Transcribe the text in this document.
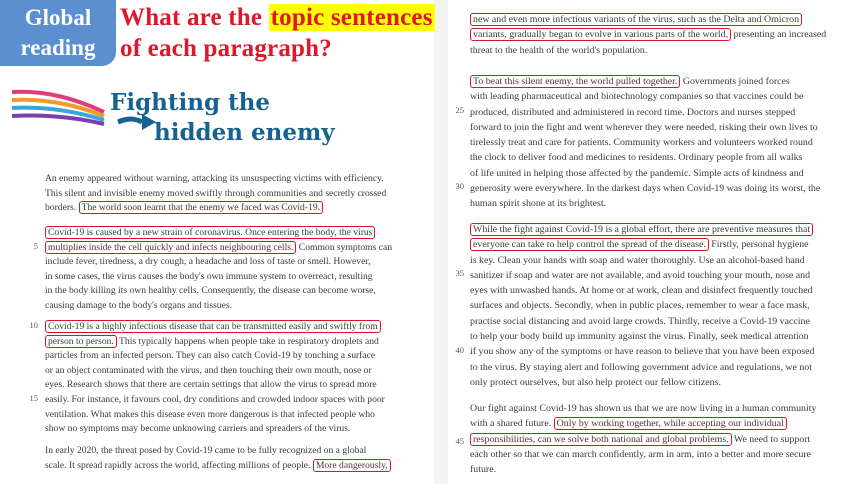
Global
reading
What are the topic sentences of each paragraph?
Fighting the
hidden enemy
An enemy appeared without warning, attacking its unsuspecting victims with efficiency.
This silent and invisible enemy moved swiftly through communities and secretly crossed
borders. The world soon learnt that the enemy we faced was Covid-19.
Covid-19 is caused by a new strain of coronavirus. Once entering the body, the virus
multiplies inside the cell quickly and infects neighbouring cells. Common symptoms can
include fever, tiredness, a dry cough, a headache and loss of taste or smell. However,
in some cases, the virus causes the body's own immune system to overreact, resulting
in the body killing its own healthy cells. Consequently, the disease can become worse,
causing damage to the body's organs and tissues.
Covid-19 is a highly infectious disease that can be transmitted easily and swiftly from
person to person. This typically happens when people take in respiratory droplets and
particles from an infected person. They can also catch Covid-19 by touching a surface
or an object contaminated with the virus, and then touching their own mouth, nose or
eyes. Research shows that there are certain settings that allow the virus to spread more
easily. For instance, it favours cool, dry conditions and crowded indoor spaces with poor
ventilation. What makes this disease even more dangerous is that infected people who
show no symptoms may become unknowing carriers and spreaders of the virus.
In early 2020, the threat posed by Covid-19 came to be fully recognized on a global
scale. It spread rapidly across the world, affecting millions of people. More dangerously,
5
10
15
new and even more infectious variants of the virus, such as the Delta and Omicron
variants, gradually began to evolve in various parts of the world, presenting an increased
threat to the health of the world's population.
To beat this silent enemy, the world pulled together. Governments joined forces
with leading pharmaceutical and biotechnology companies so that vaccines could be
produced, distributed and administered in record time. Doctors and nurses stepped
forward to join the fight and went wherever they were needed, risking their own lives to
tirelessly treat and care for patients. Community workers and volunteers worked round
the clock to deliver food and medicines to residents. Ordinary people from all walks
of life united in helping those affected by the pandemic. Simple acts of kindness and
generosity were everywhere. In the darkest days when Covid-19 was doing its worst, the
human spirit shone at its brightest.
While the fight against Covid-19 is a global effort, there are preventive measures that
everyone can take to help control the spread of the disease. Firstly, personal hygiene
is key. Clean your hands with soap and water thoroughly. Use an alcohol-based hand
sanitizer if soap and water are not available, and avoid touching your mouth, nose and
eyes with unwashed hands. At home or at work, clean and disinfect frequently touched
surfaces and objects. Secondly, when in public places, remember to wear a face mask,
practise social distancing and avoid large crowds. Thirdly, receive a Covid-19 vaccine
to help your body build up immunity against the virus. Finally, seek medical attention
if you show any of the symptoms or have reason to believe that you have been exposed
to the virus. By staying alert and following government advice and regulations, we not
only protect ourselves, but also help protect our fellow citizens.
Our fight against Covid-19 has shown us that we are now living in a human community
with a shared future. Only by working together, while accepting our individual
responsibilities, can we solve both national and global problems. We need to support
each other so that we can march confidently, arm in arm, into a better and more secure
future.
25
30
35
40
45
